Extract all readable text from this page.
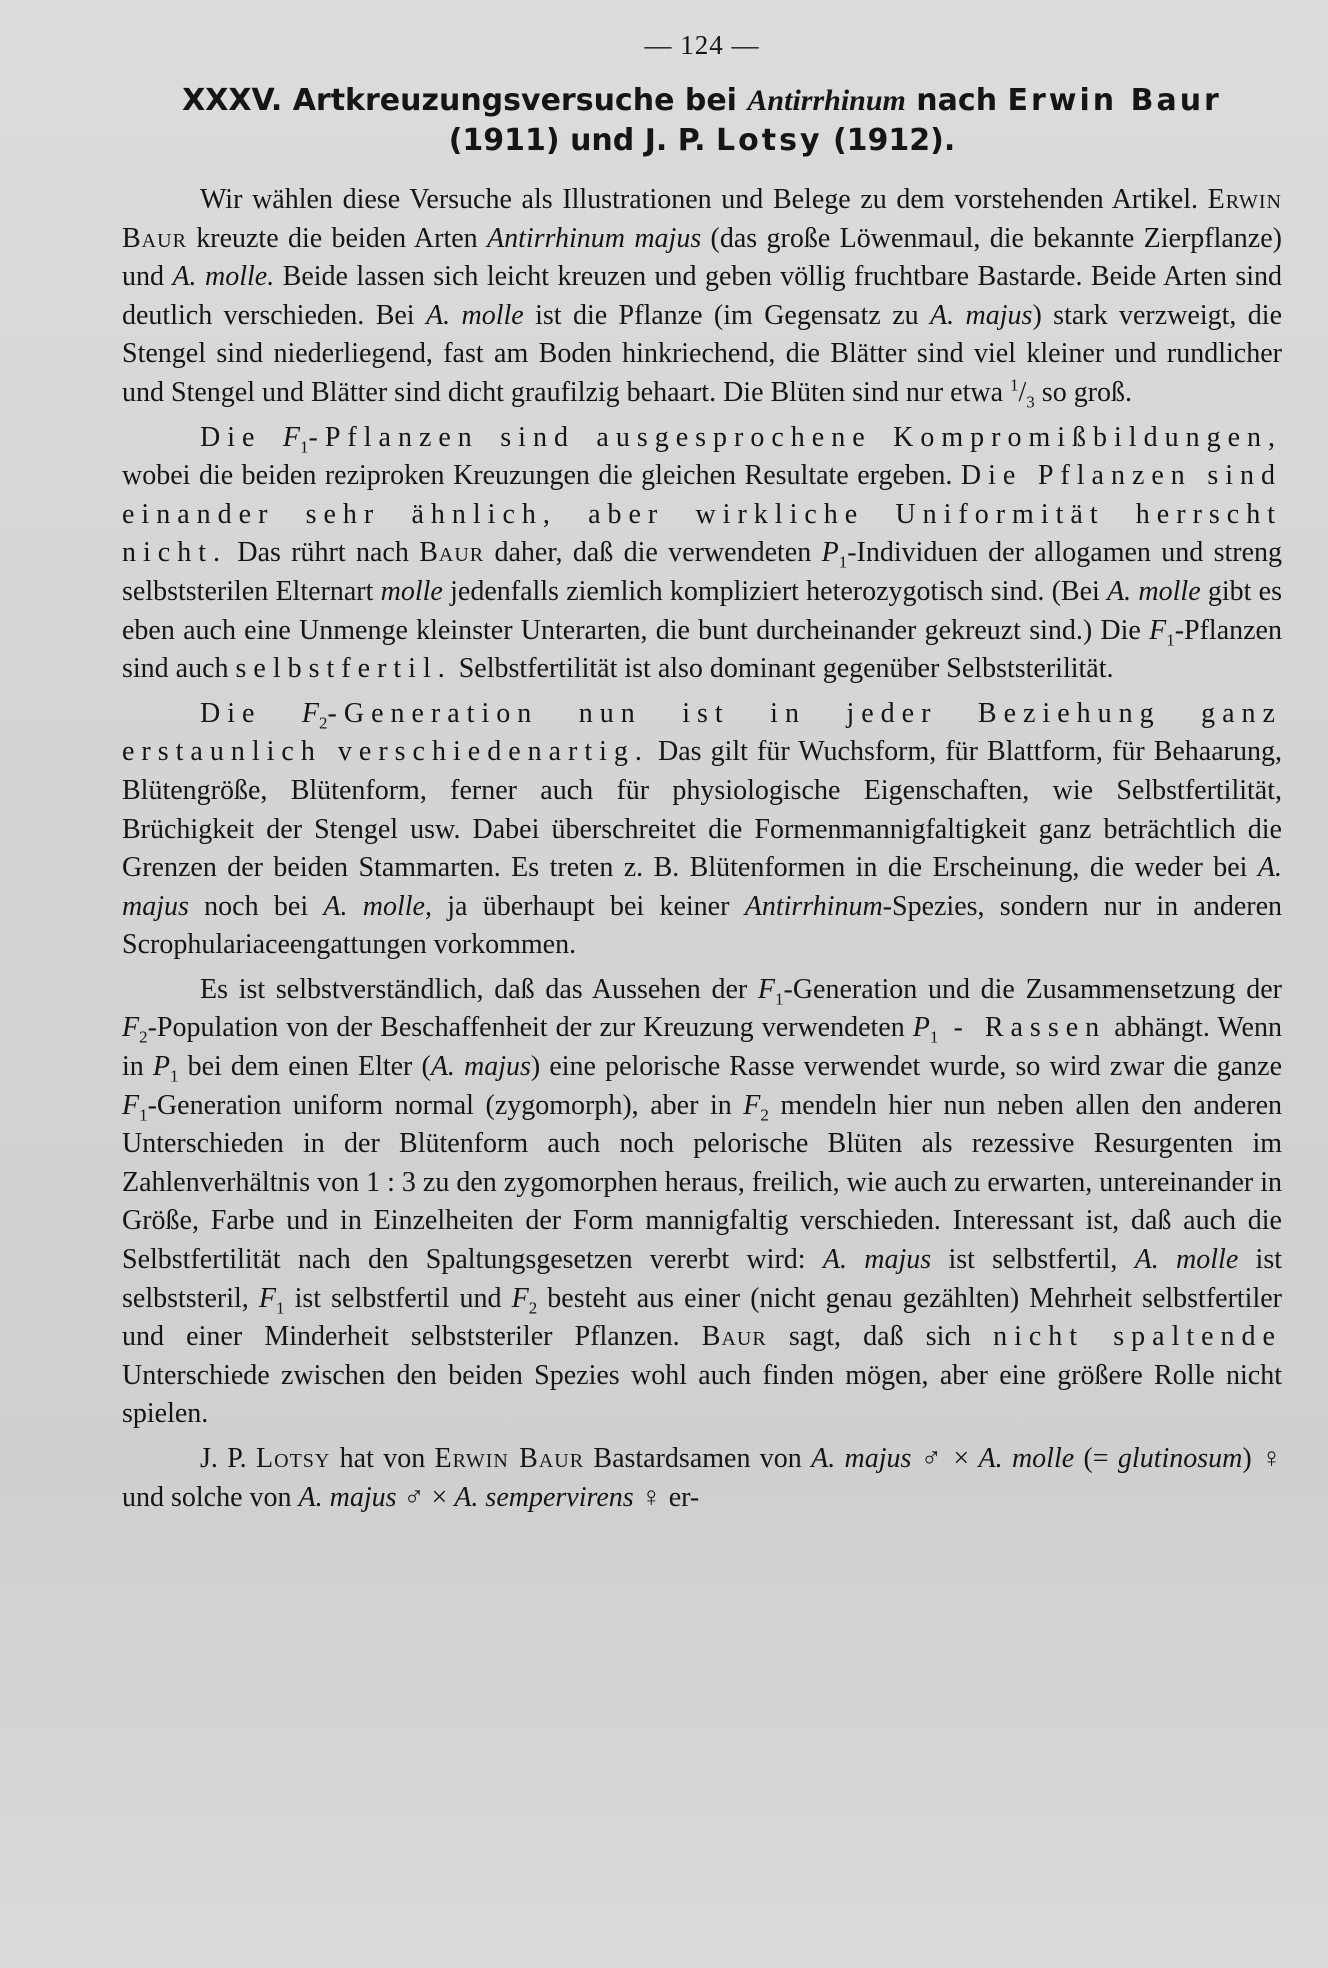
— 124 —
XXXV. Artkreuzungsversuche bei Antirrhinum nach Erwin Baur
(1911) und J. P. Lotsy (1912).

Wir wählen diese Versuche als Illustrationen und Belege zu dem vorstehenden Artikel. Erwin Baur kreuzte die beiden Arten Antirrhinum majus (das große Löwenmaul, die bekannte Zierpflanze) und A. molle. Beide lassen sich leicht kreuzen und geben völlig fruchtbare Bastarde. Beide Arten sind deutlich verschieden. Bei A. molle ist die Pflanze (im Gegensatz zu A. majus) stark verzweigt, die Stengel sind niederliegend, fast am Boden hinkriechend, die Blätter sind viel kleiner und rundlicher und Stengel und Blätter sind dicht graufilzig behaart. Die Blüten sind nur etwa $^1/_3$ so groß.

Die $F_1$-Pflanzen sind ausgesprochene Kompromißbildungen, wobei die beiden reziproken Kreuzungen die gleichen Resultate ergeben. Die Pflanzen sind einander sehr ähnlich, aber wirkliche Uniformität herrscht nicht. Das rührt nach Baur daher, daß die verwendeten $P_1$-Individuen der allogamen und streng selbststerilen Elternart molle jedenfalls ziemlich kompliziert heterozygotisch sind. (Bei A. molle gibt es eben auch eine Unmenge kleinster Unterarten, die bunt durcheinander gekreuzt sind.) Die $F_1$-Pflanzen sind auch selbstfertil. Selbstfertilität ist also dominant gegenüber Selbststerilität.

Die $F_2$-Generation nun ist in jeder Beziehung ganz erstaunlich verschiedenartig. Das gilt für Wuchsform, für Blattform, für Behaarung, Blütengröße, Blütenform, ferner auch für physiologische Eigenschaften, wie Selbstfertilität, Brüchigkeit der Stengel usw. Dabei überschreitet die Formenmannigfaltigkeit ganz beträchtlich die Grenzen der beiden Stammarten. Es treten z. B. Blütenformen in die Erscheinung, die weder bei A. majus noch bei A. molle, ja überhaupt bei keiner Antirrhinum-Spezies, sondern nur in anderen Scrophulariaceengattungen vorkommen.

Es ist selbstverständlich, daß das Aussehen der $F_1$-Generation und die Zusammensetzung der $F_2$-Population von der Beschaffenheit der zur Kreuzung verwendeten $P_1$ - Rassen abhängt. Wenn in $P_1$ bei dem einen Elter (A. majus) eine pelorische Rasse verwendet wurde, so wird zwar die ganze $F_1$-Generation uniform normal (zygomorph), aber in $F_2$ mendeln hier nun neben allen den anderen Unterschieden in der Blütenform auch noch pelorische Blüten als rezessive Resurgenten im Zahlenverhältnis von 1 : 3 zu den zygomorphen heraus, freilich, wie auch zu erwarten, untereinander in Größe, Farbe und in Einzelheiten der Form mannigfaltig verschieden. Interessant ist, daß auch die Selbstfertilität nach den Spaltungsgesetzen vererbt wird: A. majus ist selbstfertil, A. molle ist selbststeril, $F_1$ ist selbstfertil und $F_2$ besteht aus einer (nicht genau gezählten) Mehrheit selbstfertiler und einer Minderheit selbststeriler Pflanzen. Baur sagt, daß sich nicht spaltende Unterschiede zwischen den beiden Spezies wohl auch finden mögen, aber eine größere Rolle nicht spielen.

J. P. Lotsy hat von Erwin Baur Bastardsamen von A. majus ♂ × A. molle (= glutinosum) ♀ und solche von A. majus ♂ × A. sempervirens ♀ er-
